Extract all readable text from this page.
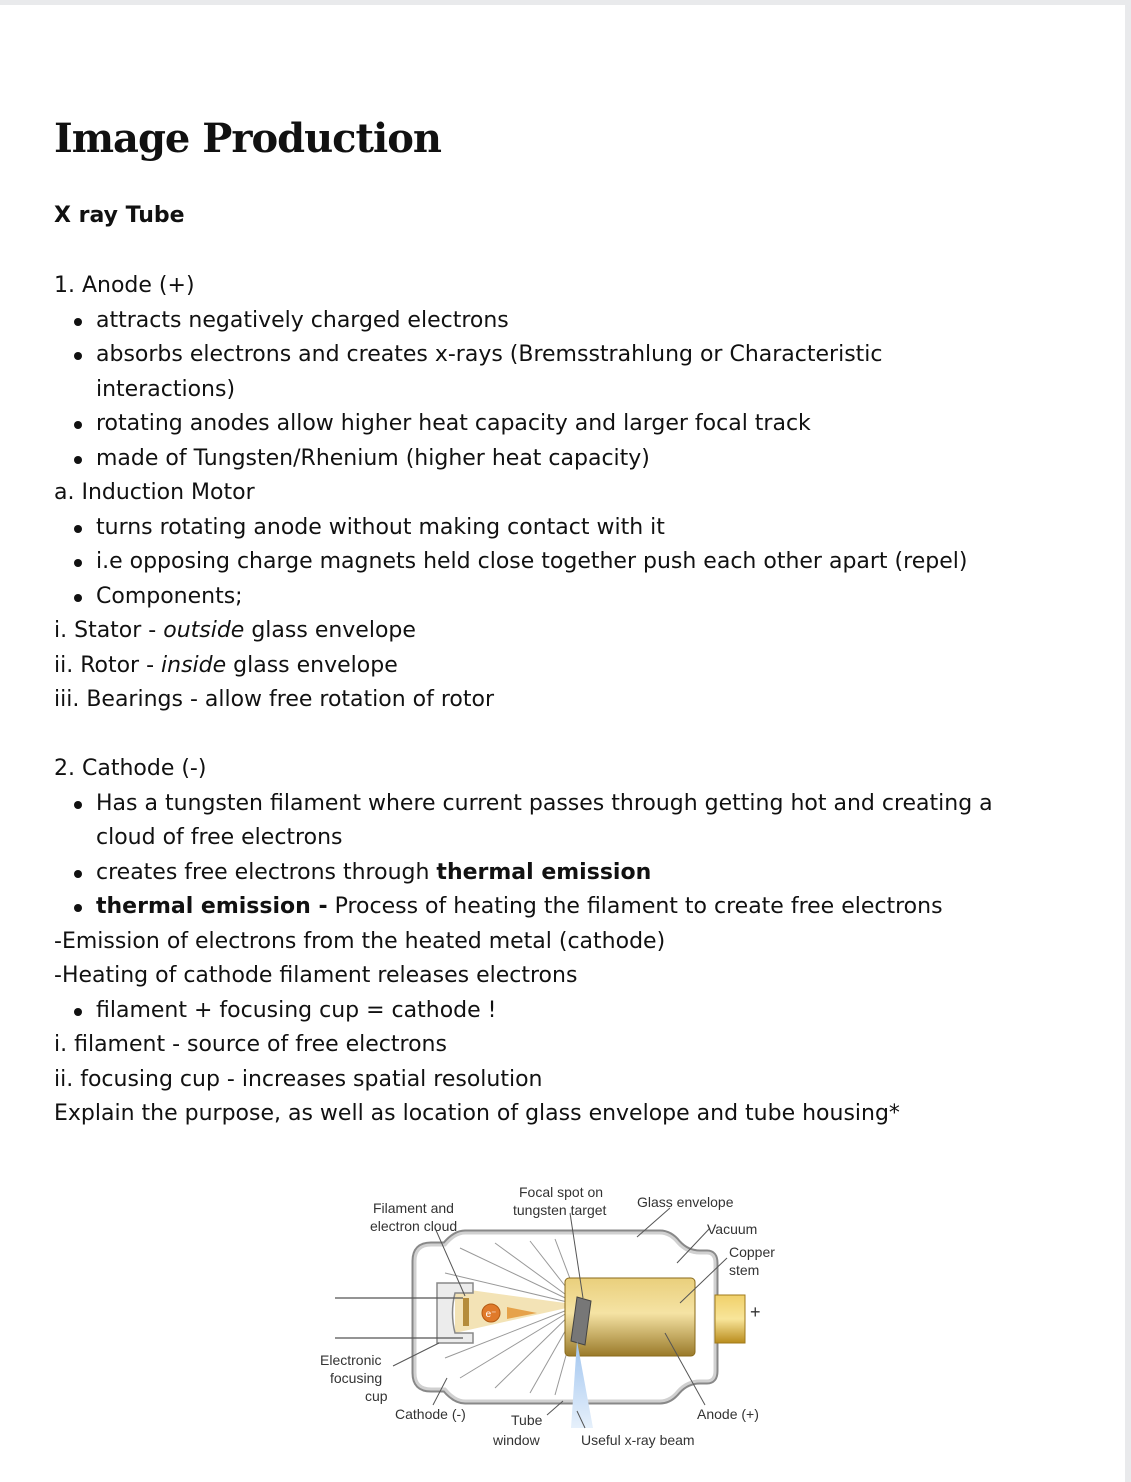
Image Production
X ray Tube
1. Anode (+)
attracts negatively charged electrons
absorbs electrons and creates x-rays (Bremsstrahlung or Characteristic
interactions)
rotating anodes allow higher heat capacity and larger focal track
made of Tungsten/Rhenium (higher heat capacity)
a. Induction Motor
turns rotating anode without making contact with it
i.e opposing charge magnets held close together push each other apart (repel)
Components;
i. Stator - outside glass envelope
ii. Rotor - inside glass envelope
iii. Bearings - allow free rotation of rotor
2. Cathode (-)
Has a tungsten filament where current passes through getting hot and creating a
cloud of free electrons
creates free electrons through thermal emission
thermal emission - Process of heating the filament to create free electrons
-Emission of electrons from the heated metal (cathode)
-Heating of cathode filament releases electrons
filament + focusing cup = cathode !
i. filament - source of free electrons
ii. focusing cup - increases spatial resolution
Explain the purpose, as well as location of glass envelope and tube housing*
e⁻
Filament and
electron cloud
Focal spot on
tungsten target Glass envelope
Vacuum
Copper
stem
+
Electronic
focusing
cup
Cathode (-)	Tube
window	Useful x-ray beam
Anode (+)
